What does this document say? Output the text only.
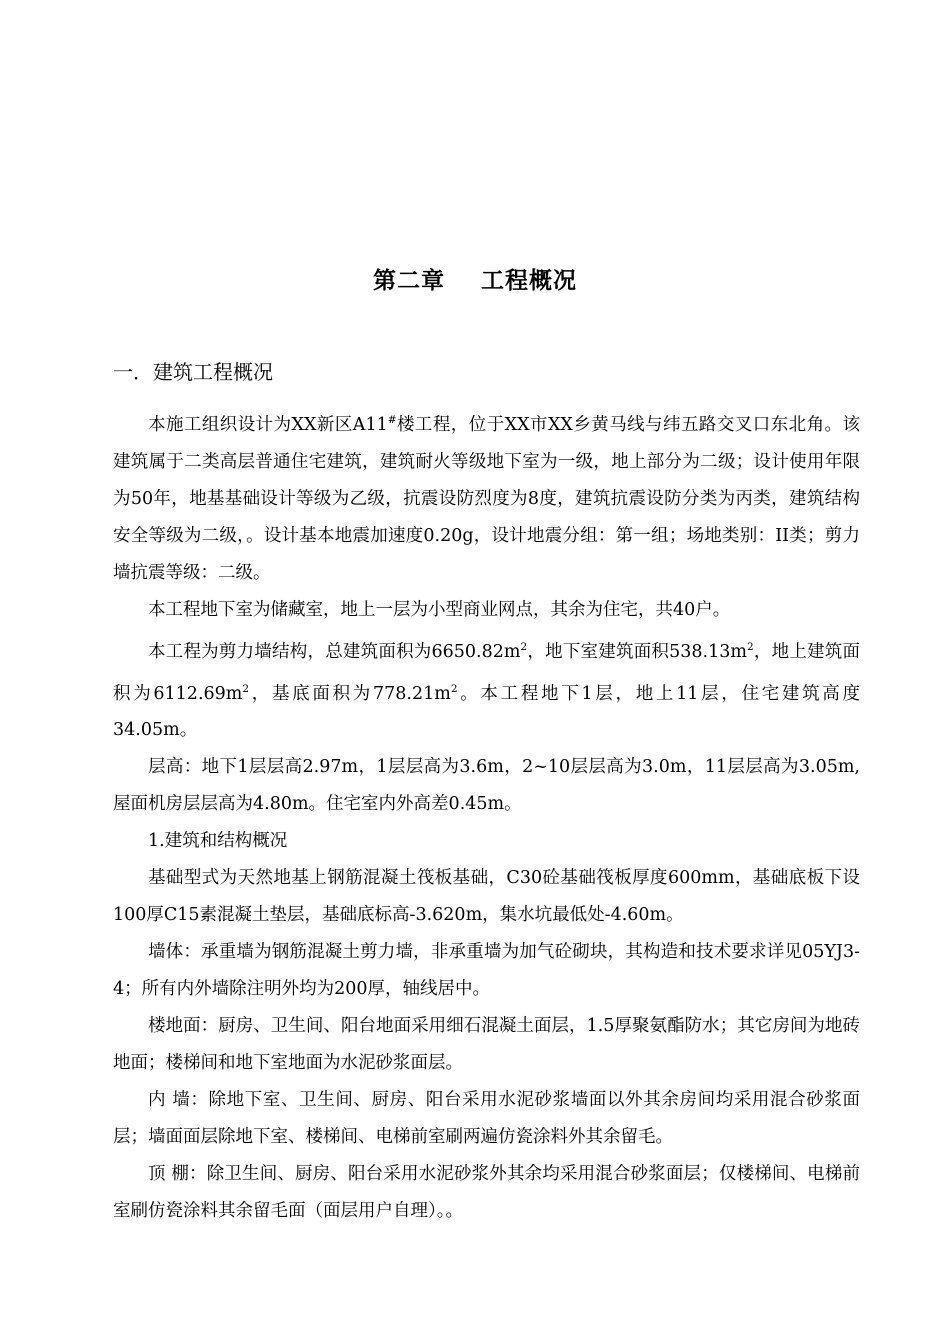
第二章    工程概况
一．建筑工程概况

本施工组织设计为XX新区A11#楼工程，位于XX市XX乡黄马线与纬五路交叉口东北角。该建筑属于二类高层普通住宅建筑，建筑耐火等级地下室为一级，地上部分为二级；设计使用年限为50年，地基基础设计等级为乙级，抗震设防烈度为8度，建筑抗震设防分类为丙类，建筑结构安全等级为二级，。设计基本地震加速度0.20g，设计地震分组：第一组；场地类别：II类；剪力墙抗震等级：二级。

本工程地下室为储藏室，地上一层为小型商业网点，其余为住宅，共40户。

本工程为剪力墙结构，总建筑面积为$6650.82m^2$，地下室建筑面积$538.13m^2$，地上建筑面积为$6112.69m^2$，基底面积为$778.21m^2$。本工程地下1层，地上11层，住宅建筑高度34.05m。

层高：地下1层层高2.97m，1层层高为3.6m，2~10层层高为3.0m，11层层高为3.05m,屋面机房层层高为4.80m。住宅室内外高差0.45m。

1.建筑和结构概况

基础型式为天然地基上钢筋混凝土筏板基础，C30砼基础筏板厚度600mm，基础底板下设100厚C15素混凝土垫层，基础底标高-3.620m，集水坑最低处-4.60m。

墙体：承重墙为钢筋混凝土剪力墙，非承重墙为加气砼砌块，其构造和技术要求详见05YJ3-4；所有内外墙除注明外均为200厚，轴线居中。

楼地面：厨房、卫生间、阳台地面采用细石混凝土面层，1.5厚聚氨酯防水；其它房间为地砖地面；楼梯间和地下室地面为水泥砂浆面层。

内 墙：除地下室、卫生间、厨房、阳台采用水泥砂浆墙面以外其余房间均采用混合砂浆面层；墙面面层除地下室、楼梯间、电梯前室刷两遍仿瓷涂料外其余留毛。

顶 棚：除卫生间、厨房、阳台采用水泥砂浆外其余均采用混合砂浆面层；仅楼梯间、电梯前室刷仿瓷涂料其余留毛面（面层用户自理）。。
